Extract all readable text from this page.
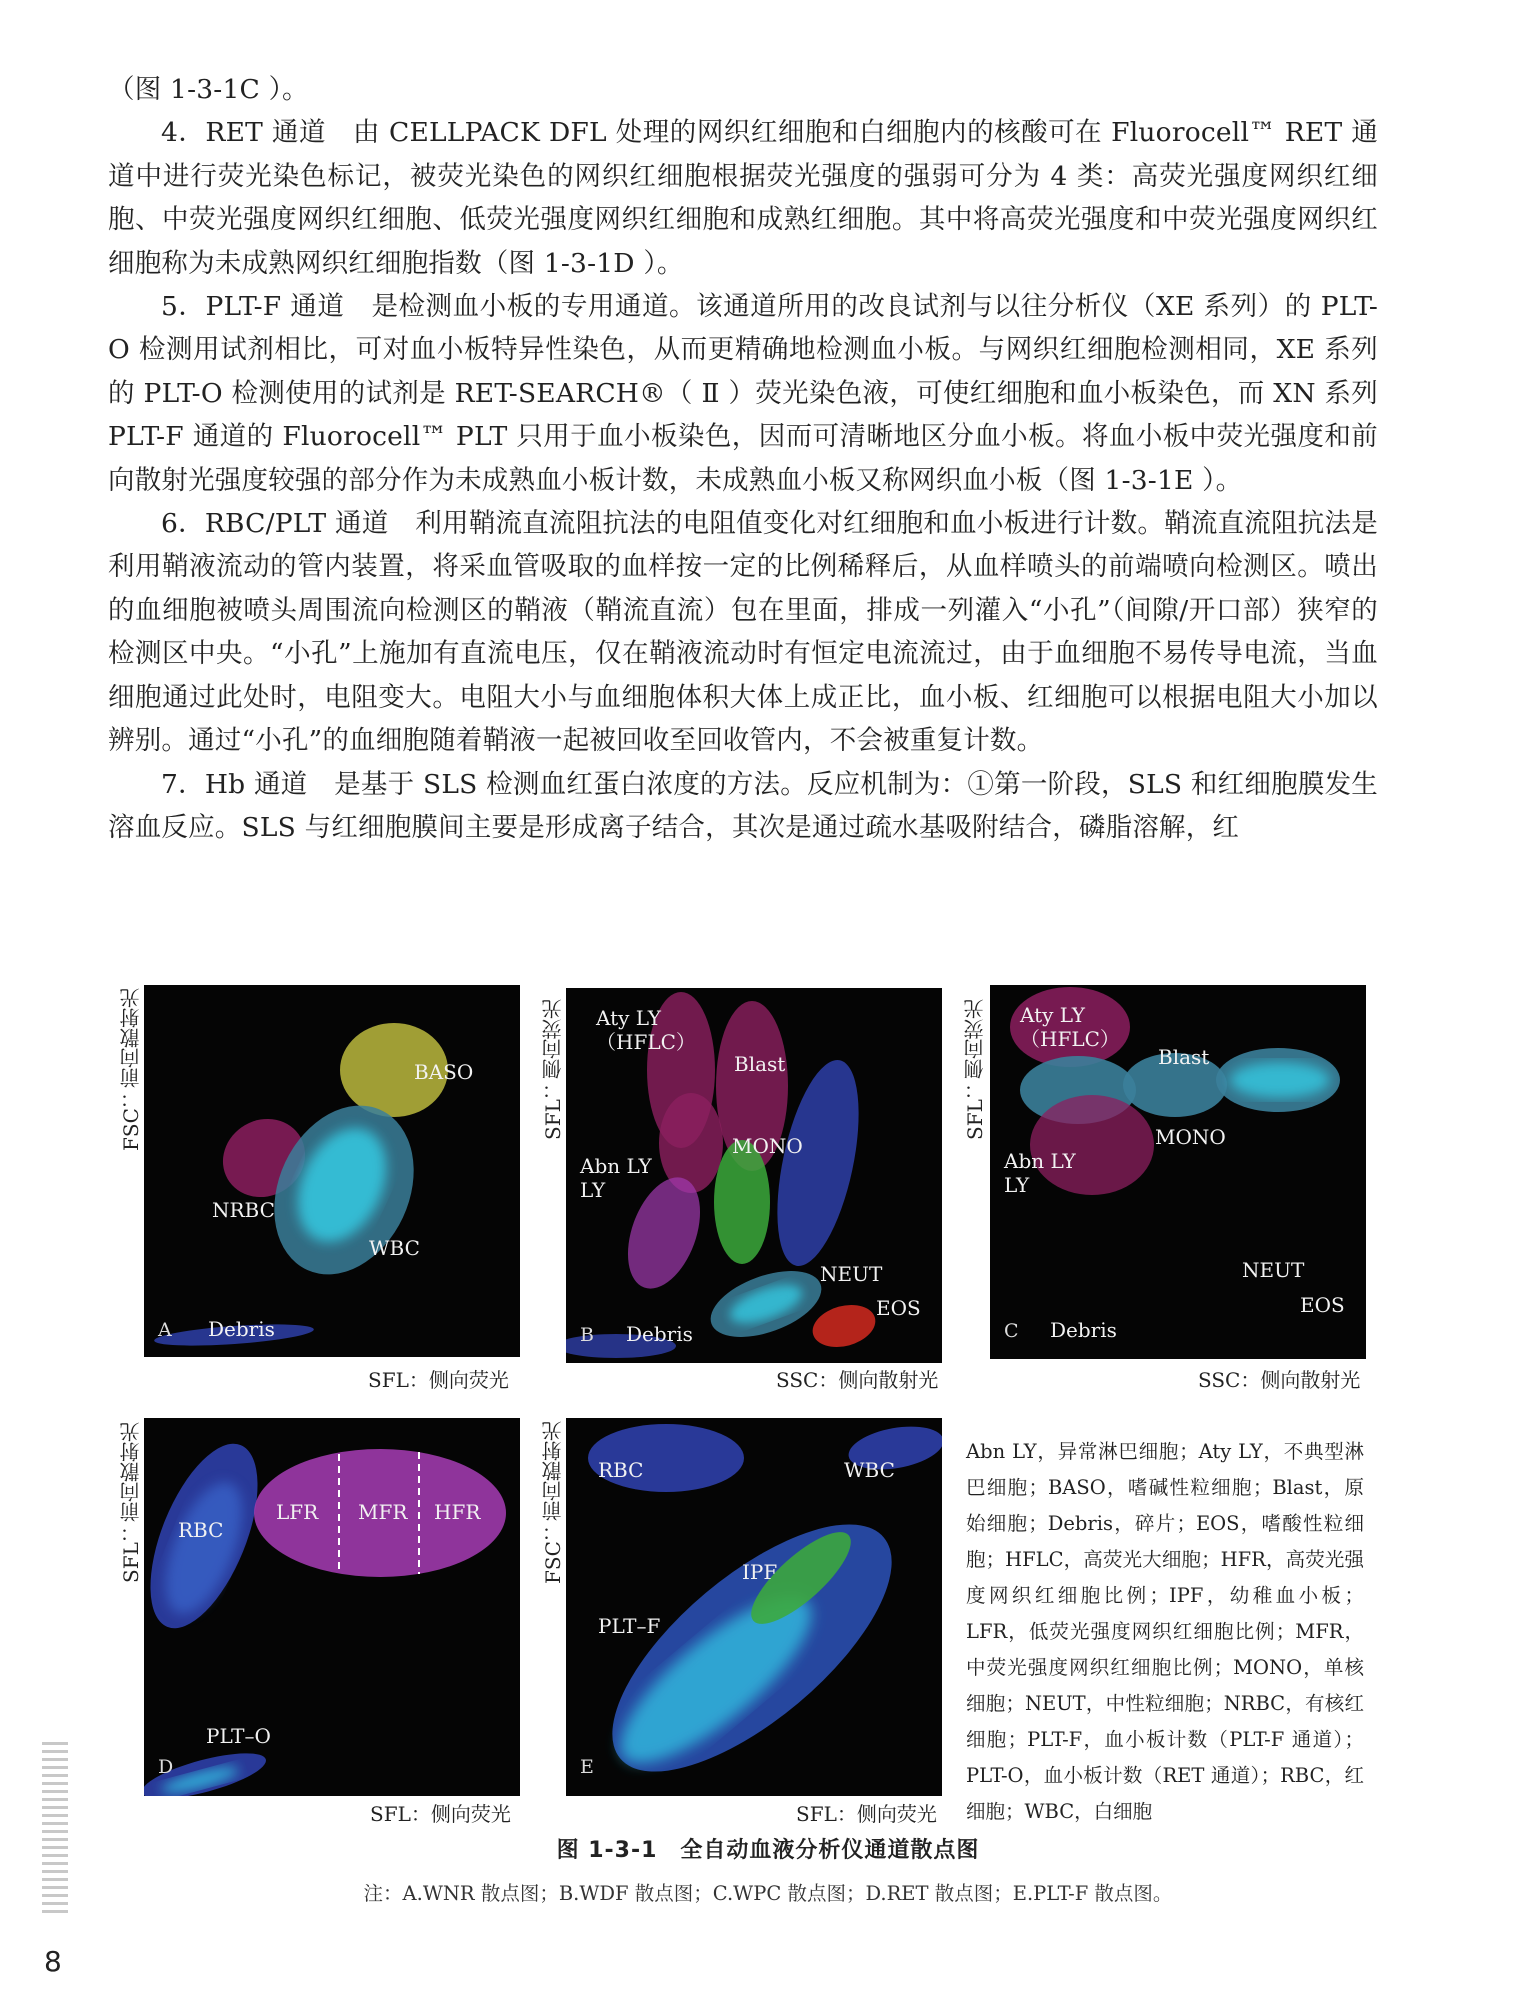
（图 1-3-1C ）。

4．RET 通道　由 CELLPACK DFL 处理的网织红细胞和白细胞内的核酸可在 Fluorocell™ RET 通道中进行荧光染色标记，被荧光染色的网织红细胞根据荧光强度的强弱可分为 4 类：高荧光强度网织红细胞、中荧光强度网织红细胞、低荧光强度网织红细胞和成熟红细胞。其中将高荧光强度和中荧光强度网织红细胞称为未成熟网织红细胞指数（图 1-3-1D ）。

5．PLT-F 通道　是检测血小板的专用通道。该通道所用的改良试剂与以往分析仪（XE 系列）的 PLT-O 检测用试剂相比，可对血小板特异性染色，从而更精确地检测血小板。与网织红细胞检测相同，XE 系列的 PLT-O 检测使用的试剂是 RET-SEARCH®（ Ⅱ ）荧光染色液，可使红细胞和血小板染色，而 XN 系列 PLT-F 通道的 Fluorocell™ PLT 只用于血小板染色，因而可清晰地区分血小板。将血小板中荧光强度和前向散射光强度较强的部分作为未成熟血小板计数，未成熟血小板又称网织血小板（图 1-3-1E ）。

6．RBC/PLT 通道　利用鞘流直流阻抗法的电阻值变化对红细胞和血小板进行计数。鞘流直流阻抗法是利用鞘液流动的管内装置，将采血管吸取的血样按一定的比例稀释后，从血样喷头的前端喷向检测区。喷出的血细胞被喷头周围流向检测区的鞘液（鞘流直流）包在里面，排成一列灌入“小孔”（间隙/开口部）狭窄的检测区中央。“小孔”上施加有直流电压，仅在鞘液流动时有恒定电流流过，由于血细胞不易传导电流，当血细胞通过此处时，电阻变大。电阻大小与血细胞体积大体上成正比，血小板、红细胞可以根据电阻大小加以辨别。通过“小孔”的血细胞随着鞘液一起被回收至回收管内，不会被重复计数。

7．Hb 通道　是基于 SLS 检测血红蛋白浓度的方法。反应机制为：①第一阶段，SLS 和红细胞膜发生溶血反应。SLS 与红细胞膜间主要是形成离子结合，其次是通过疏水基吸附结合，磷脂溶解，红

FSC：前向散射光	BASO
NRBC
WBC
Debris
A
SFL：侧向荧光
SFL：侧向荧光	Aty LY
（HFLC）
Blast
MONO
Abn LY
LY
NEUT
EOS
Debris
B
SSC：侧向散射光
SFL：侧向荧光	Aty LY
（HFLC）
Blast
MONO
Abn LY
LY
NEUT
EOS
Debris
C
SSC：侧向散射光
SFL：前向散射光	RBC
LFR MFR HFR
PLT–O
D
SFL：侧向荧光
FSC：前向散射光	RBC	WBC
IPF
PLT–F
E
SFL：侧向荧光
Abn LY，异常淋巴细胞；Aty LY，不典型淋巴细胞；BASO，嗜碱性粒细胞；Blast，原始细胞；Debris，碎片；EOS，嗜酸性粒细胞；HFLC，高荧光大细胞；HFR，高荧光强度网织红细胞比例；IPF，幼稚血小板；LFR，低荧光强度网织红细胞比例；MFR，中荧光强度网织红细胞比例；MONO，单核细胞；NEUT，中性粒细胞；NRBC，有核红细胞；PLT-F，血小板计数（PLT-F 通道）；PLT-O，血小板计数（RET 通道）；RBC，红细胞；WBC，白细胞
图 1-3-1　全自动血液分析仪通道散点图
注：A.WNR 散点图；B.WDF 散点图；C.WPC 散点图；D.RET 散点图；E.PLT-F 散点图。
8
